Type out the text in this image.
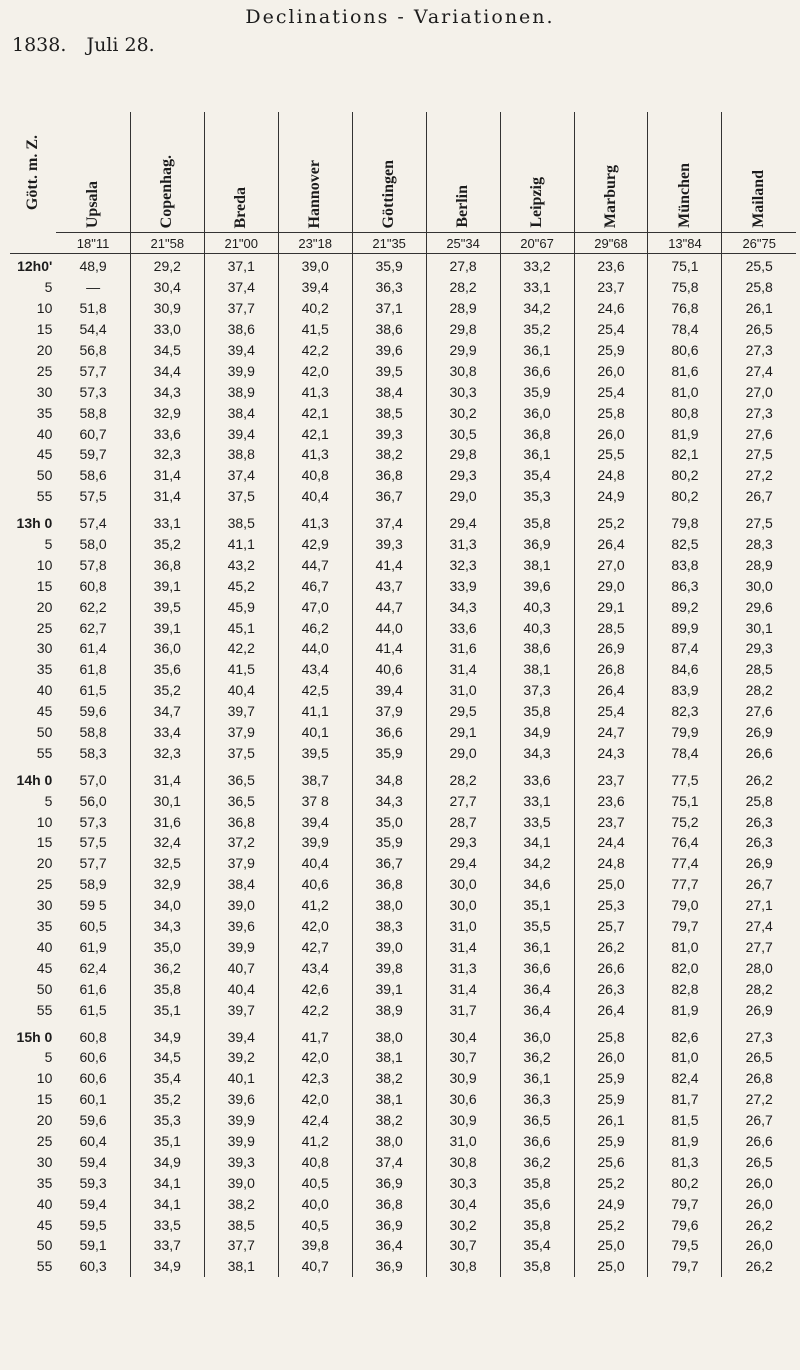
Declinations - Variationen.
1838. Juli 28.
Gött. m. Z.	Upsala	Copenhag.	Breda	Hannover	Göttingen	Berlin	Leipzig	Marburg	München	Mailand

	18"11	21"58	21"00	23"18	21"35	25"34	20"67	29"68	13"84	26"75
12h0'	48,9	29,2	37,1	39,0	35,9	27,8	33,2	23,6	75,1	25,5
5	—	30,4	37,4	39,4	36,3	28,2	33,1	23,7	75,8	25,8
10	51,8	30,9	37,7	40,2	37,1	28,9	34,2	24,6	76,8	26,1
15	54,4	33,0	38,6	41,5	38,6	29,8	35,2	25,4	78,4	26,5
20	56,8	34,5	39,4	42,2	39,6	29,9	36,1	25,9	80,6	27,3
25	57,7	34,4	39,9	42,0	39,5	30,8	36,6	26,0	81,6	27,4
30	57,3	34,3	38,9	41,3	38,4	30,3	35,9	25,4	81,0	27,0
35	58,8	32,9	38,4	42,1	38,5	30,2	36,0	25,8	80,8	27,3
40	60,7	33,6	39,4	42,1	39,3	30,5	36,8	26,0	81,9	27,6
45	59,7	32,3	38,8	41,3	38,2	29,8	36,1	25,5	82,1	27,5
50	58,6	31,4	37,4	40,8	36,8	29,3	35,4	24,8	80,2	27,2
55	57,5	31,4	37,5	40,4	36,7	29,0	35,3	24,9	80,2	26,7
13h 0	57,4	33,1	38,5	41,3	37,4	29,4	35,8	25,2	79,8	27,5
5	58,0	35,2	41,1	42,9	39,3	31,3	36,9	26,4	82,5	28,3
10	57,8	36,8	43,2	44,7	41,4	32,3	38,1	27,0	83,8	28,9
15	60,8	39,1	45,2	46,7	43,7	33,9	39,6	29,0	86,3	30,0
20	62,2	39,5	45,9	47,0	44,7	34,3	40,3	29,1	89,2	29,6
25	62,7	39,1	45,1	46,2	44,0	33,6	40,3	28,5	89,9	30,1
30	61,4	36,0	42,2	44,0	41,4	31,6	38,6	26,9	87,4	29,3
35	61,8	35,6	41,5	43,4	40,6	31,4	38,1	26,8	84,6	28,5
40	61,5	35,2	40,4	42,5	39,4	31,0	37,3	26,4	83,9	28,2
45	59,6	34,7	39,7	41,1	37,9	29,5	35,8	25,4	82,3	27,6
50	58,8	33,4	37,9	40,1	36,6	29,1	34,9	24,7	79,9	26,9
55	58,3	32,3	37,5	39,5	35,9	29,0	34,3	24,3	78,4	26,6
14h 0	57,0	31,4	36,5	38,7	34,8	28,2	33,6	23,7	77,5	26,2
5	56,0	30,1	36,5	37 8	34,3	27,7	33,1	23,6	75,1	25,8
10	57,3	31,6	36,8	39,4	35,0	28,7	33,5	23,7	75,2	26,3
15	57,5	32,4	37,2	39,9	35,9	29,3	34,1	24,4	76,4	26,3
20	57,7	32,5	37,9	40,4	36,7	29,4	34,2	24,8	77,4	26,9
25	58,9	32,9	38,4	40,6	36,8	30,0	34,6	25,0	77,7	26,7
30	59 5	34,0	39,0	41,2	38,0	30,0	35,1	25,3	79,0	27,1
35	60,5	34,3	39,6	42,0	38,3	31,0	35,5	25,7	79,7	27,4
40	61,9	35,0	39,9	42,7	39,0	31,4	36,1	26,2	81,0	27,7
45	62,4	36,2	40,7	43,4	39,8	31,3	36,6	26,6	82,0	28,0
50	61,6	35,8	40,4	42,6	39,1	31,4	36,4	26,3	82,8	28,2
55	61,5	35,1	39,7	42,2	38,9	31,7	36,4	26,4	81,9	26,9
15h 0	60,8	34,9	39,4	41,7	38,0	30,4	36,0	25,8	82,6	27,3
5	60,6	34,5	39,2	42,0	38,1	30,7	36,2	26,0	81,0	26,5
10	60,6	35,4	40,1	42,3	38,2	30,9	36,1	25,9	82,4	26,8
15	60,1	35,2	39,6	42,0	38,1	30,6	36,3	25,9	81,7	27,2
20	59,6	35,3	39,9	42,4	38,2	30,9	36,5	26,1	81,5	26,7
25	60,4	35,1	39,9	41,2	38,0	31,0	36,6	25,9	81,9	26,6
30	59,4	34,9	39,3	40,8	37,4	30,8	36,2	25,6	81,3	26,5
35	59,3	34,1	39,0	40,5	36,9	30,3	35,8	25,2	80,2	26,0
40	59,4	34,1	38,2	40,0	36,8	30,4	35,6	24,9	79,7	26,0
45	59,5	33,5	38,5	40,5	36,9	30,2	35,8	25,2	79,6	26,2
50	59,1	33,7	37,7	39,8	36,4	30,7	35,4	25,0	79,5	26,0
55	60,3	34,9	38,1	40,7	36,9	30,8	35,8	25,0	79,7	26,2
